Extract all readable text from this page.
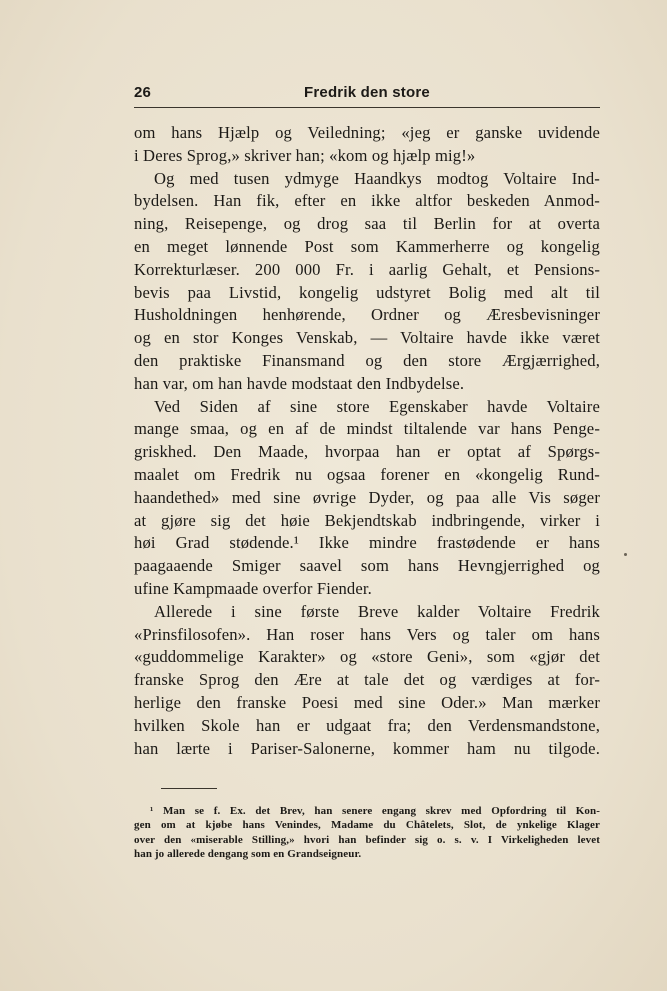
26	Fredrik den store
om hans Hjælp og Veiledning; «jeg er ganske uvidende
i Deres Sprog,» skriver han; «kom og hjælp mig!»
Og med tusen ydmyge Haandkys modtog Voltaire Ind-
bydelsen. Han fik, efter en ikke altfor beskeden Anmod-
ning, Reisepenge, og drog saa til Berlin for at overta
en meget lønnende Post som Kammerherre og kongelig
Korrekturlæser. 200 000 Fr. i aarlig Gehalt, et Pensions-
bevis paa Livstid, kongelig udstyret Bolig med alt til
Husholdningen henhørende, Ordner og Æresbevisninger
og en stor Konges Venskab, — Voltaire havde ikke været
den praktiske Finansmand og den store Ærgjærrighed,
han var, om han havde modstaat den Indbydelse.
Ved Siden af sine store Egenskaber havde Voltaire
mange smaa, og en af de mindst tiltalende var hans Penge-
griskhed. Den Maade, hvorpaa han er optat af Spørgs-
maalet om Fredrik nu ogsaa forener en «kongelig Rund-
haandethed» med sine øvrige Dyder, og paa alle Vis søger
at gjøre sig det høie Bekjendtskab indbringende, virker i
høi Grad stødende.¹ Ikke mindre frastødende er hans
paagaaende Smiger saavel som hans Hevngjerrighed og
ufine Kampmaade overfor Fiender.
Allerede i sine første Breve kalder Voltaire Fredrik
«Prinsfilosofen». Han roser hans Vers og taler om hans
«guddommelige Karakter» og «store Geni», som «gjør det
franske Sprog den Ære at tale det og værdiges at for-
herlige den franske Poesi med sine Oder.» Man mærker
hvilken Skole han er udgaat fra; den Verdensmandstone,
han lærte i Pariser-Salonerne, kommer ham nu tilgode.
¹ Man se f. Ex. det Brev, han senere engang skrev med Opfordring til Kon-
gen om at kjøbe hans Venindes, Madame du Châtelets, Slot, de ynkelige Klager
over den «miserable Stilling,» hvori han befinder sig o. s. v. I Virkeligheden levet
han jo allerede dengang som en Grandseigneur.
